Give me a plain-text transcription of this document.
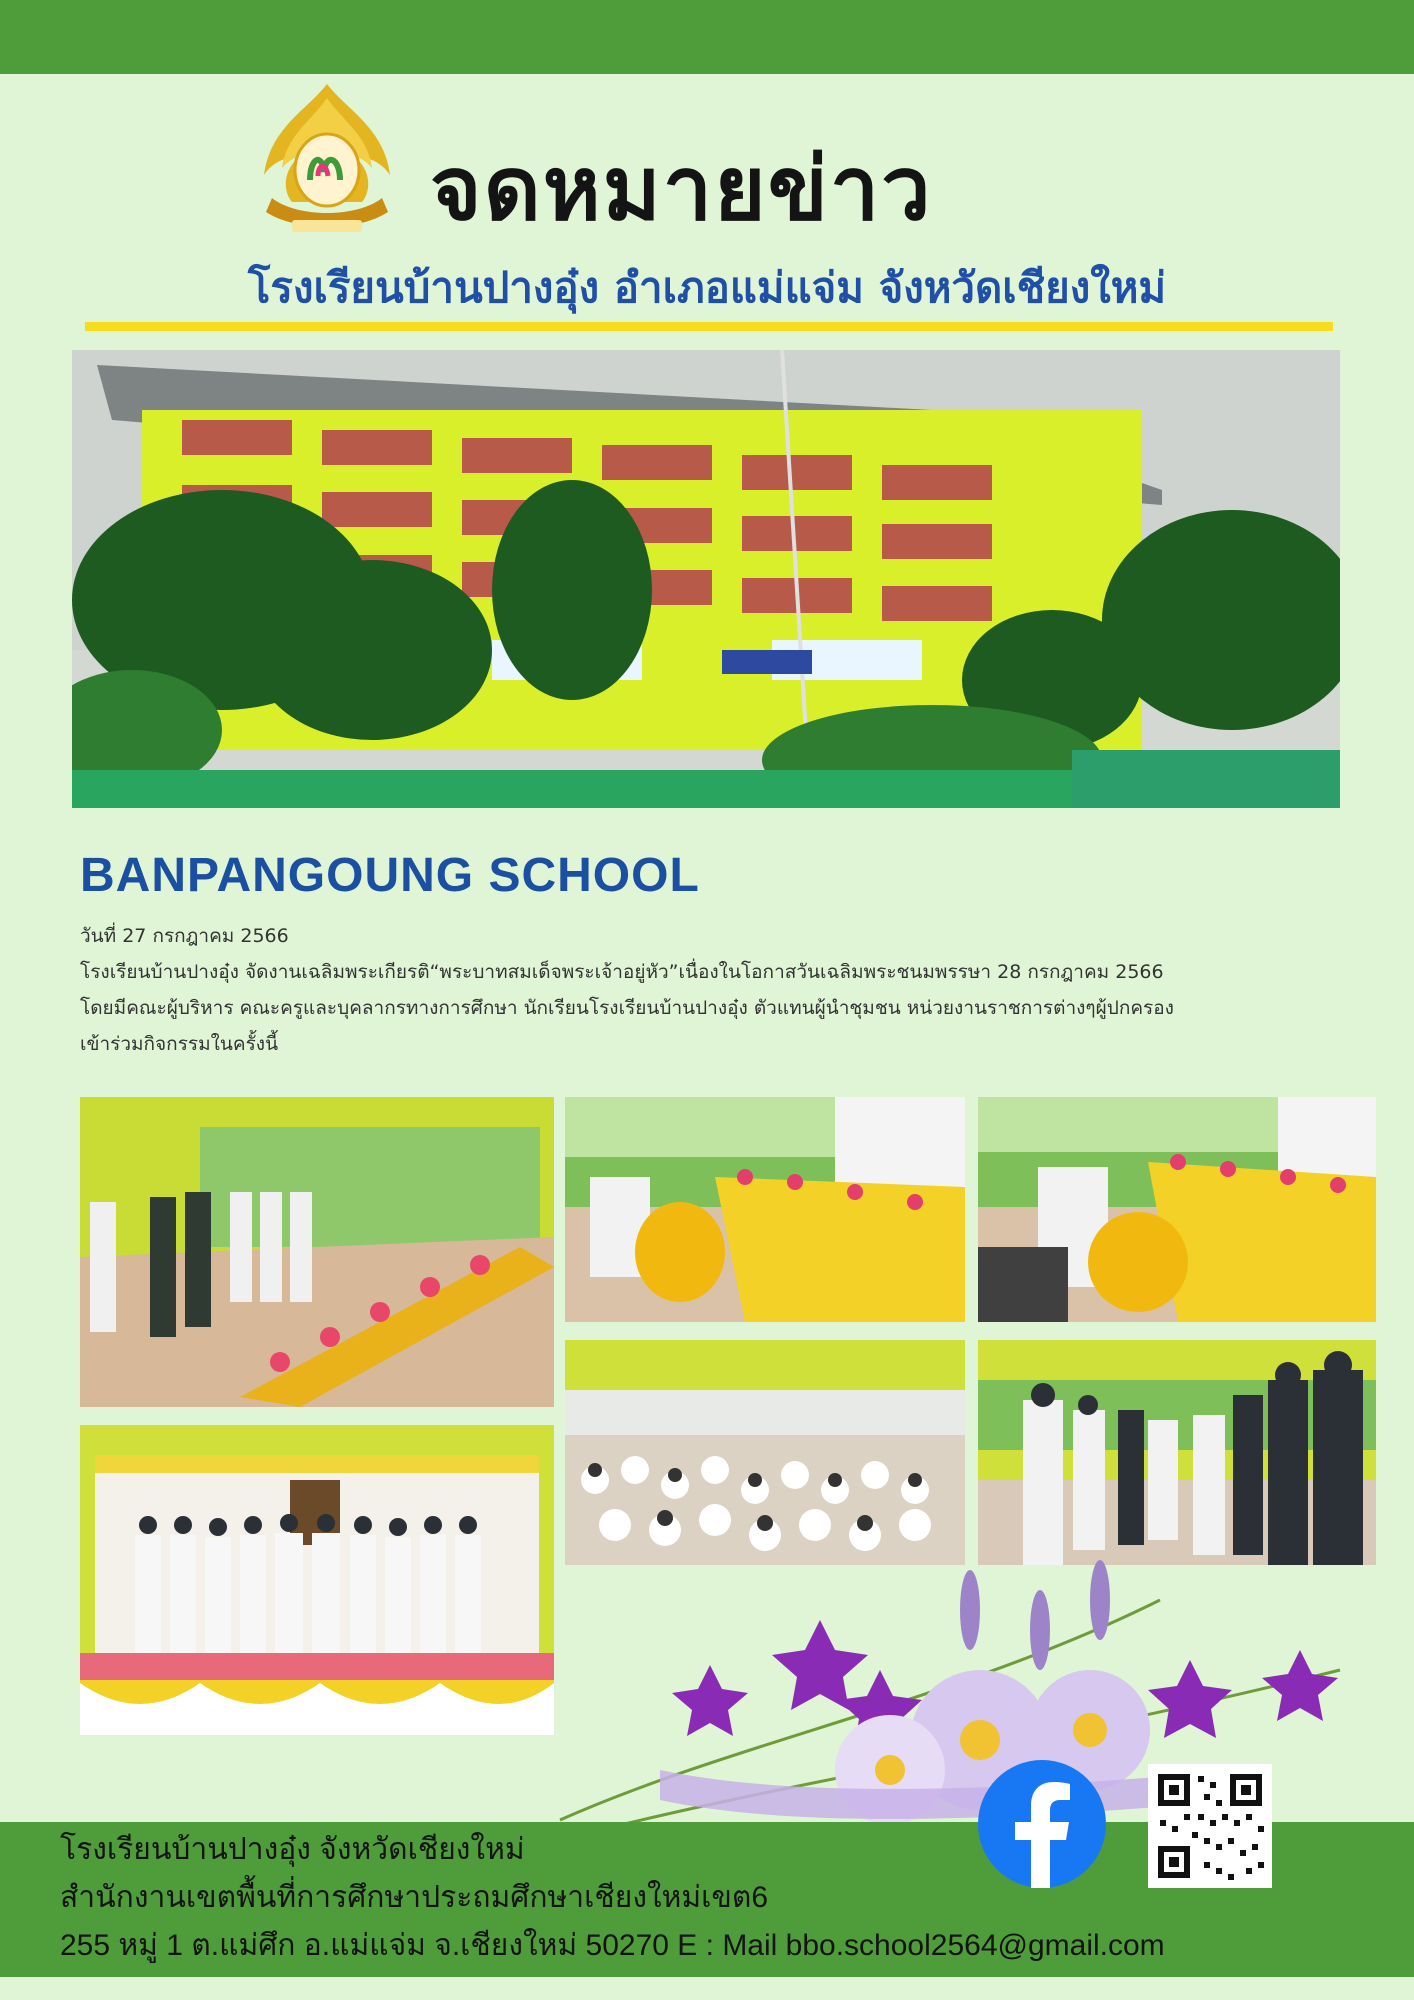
จดหมายข่าว
โรงเรียนบ้านปางอุ๋ง อำเภอแม่แจ่ม จังหวัดเชียงใหม่
BANPANGOUNG SCHOOL
วันที่ 27 กรกฎาคม 2566
โรงเรียนบ้านปางอุ๋ง จัดงานเฉลิมพระเกียรติ“พระบาทสมเด็จพระเจ้าอยู่หัว”เนื่องในโอกาสวันเฉลิมพระชนมพรรษา 28 กรกฎาคม 2566
โดยมีคณะผู้บริหาร คณะครูและบุคลากรทางการศึกษา นักเรียนโรงเรียนบ้านปางอุ๋ง ตัวแทนผู้นำชุมชน หน่วยงานราชการต่างๆผู้ปกครอง
เข้าร่วมกิจกรรมในครั้งนี้
โรงเรียนบ้านปางอุ๋ง จังหวัดเชียงใหม่
สำนักงานเขตพื้นที่การศึกษาประถมศึกษาเชียงใหม่เขต6
255 หมู่ 1 ต.แม่ศึก อ.แม่แจ่ม จ.เชียงใหม่ 50270 E : Mail bbo.school2564@gmail.com
